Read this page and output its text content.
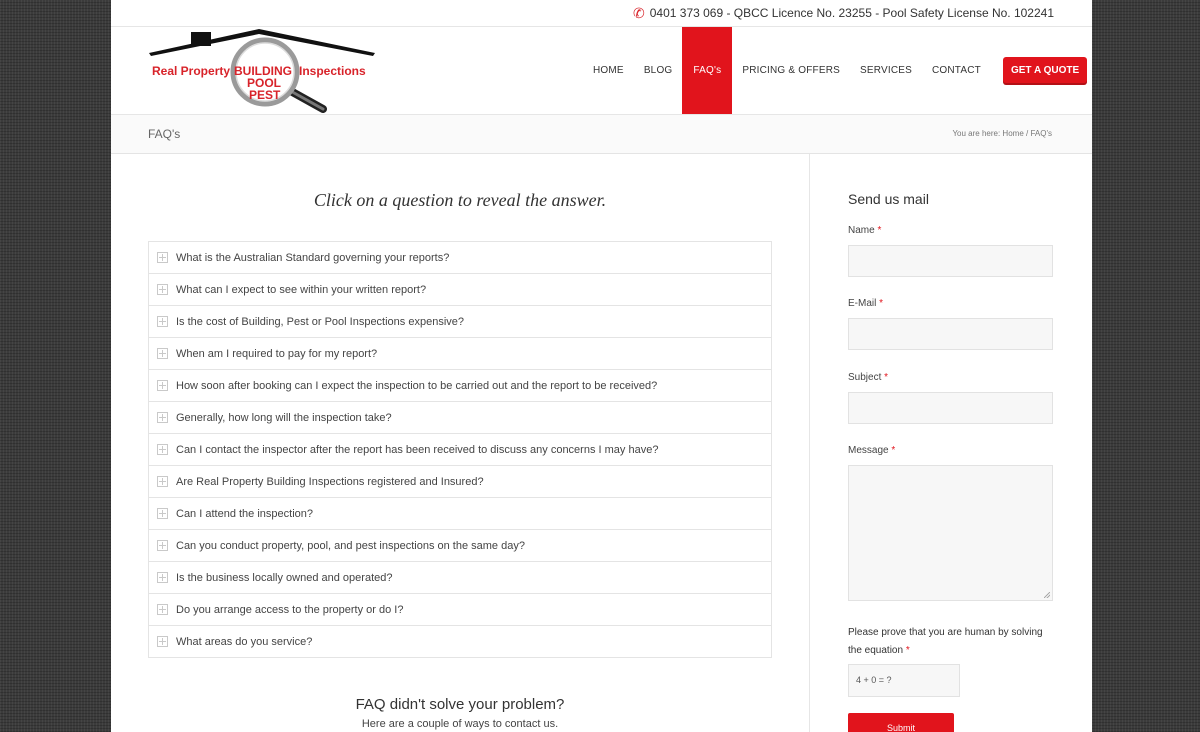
✆ 0401 373 069 - QBCC Licence No. 23255 - Pool Safety License No. 102241
Real Property BUILDING Inspections
POOL
PEST
HOME	BLOG	FAQ's	PRICING & OFFERS	SERVICES	CONTACT	GET A QUOTE
FAQ's	You are here: Home / FAQ's
Click on a question to reveal the answer.
What is the Australian Standard governing your reports?
What can I expect to see within your written report?
Is the cost of Building, Pest or Pool Inspections expensive?
When am I required to pay for my report?
How soon after booking can I expect the inspection to be carried out and the report to be received?
Generally, how long will the inspection take?
Can I contact the inspector after the report has been received to discuss any concerns I may have?
Are Real Property Building Inspections registered and Insured?
Can I attend the inspection?
Can you conduct property, pool, and pest inspections on the same day?
Is the business locally owned and operated?
Do you arrange access to the property or do I?
What areas do you service?
FAQ didn't solve your problem?
Here are a couple of ways to contact us.
Send us mail
Name *
E-Mail *
Subject *
Message *
Please prove that you are human by solving the equation *
4 + 0 = ?
Submit
